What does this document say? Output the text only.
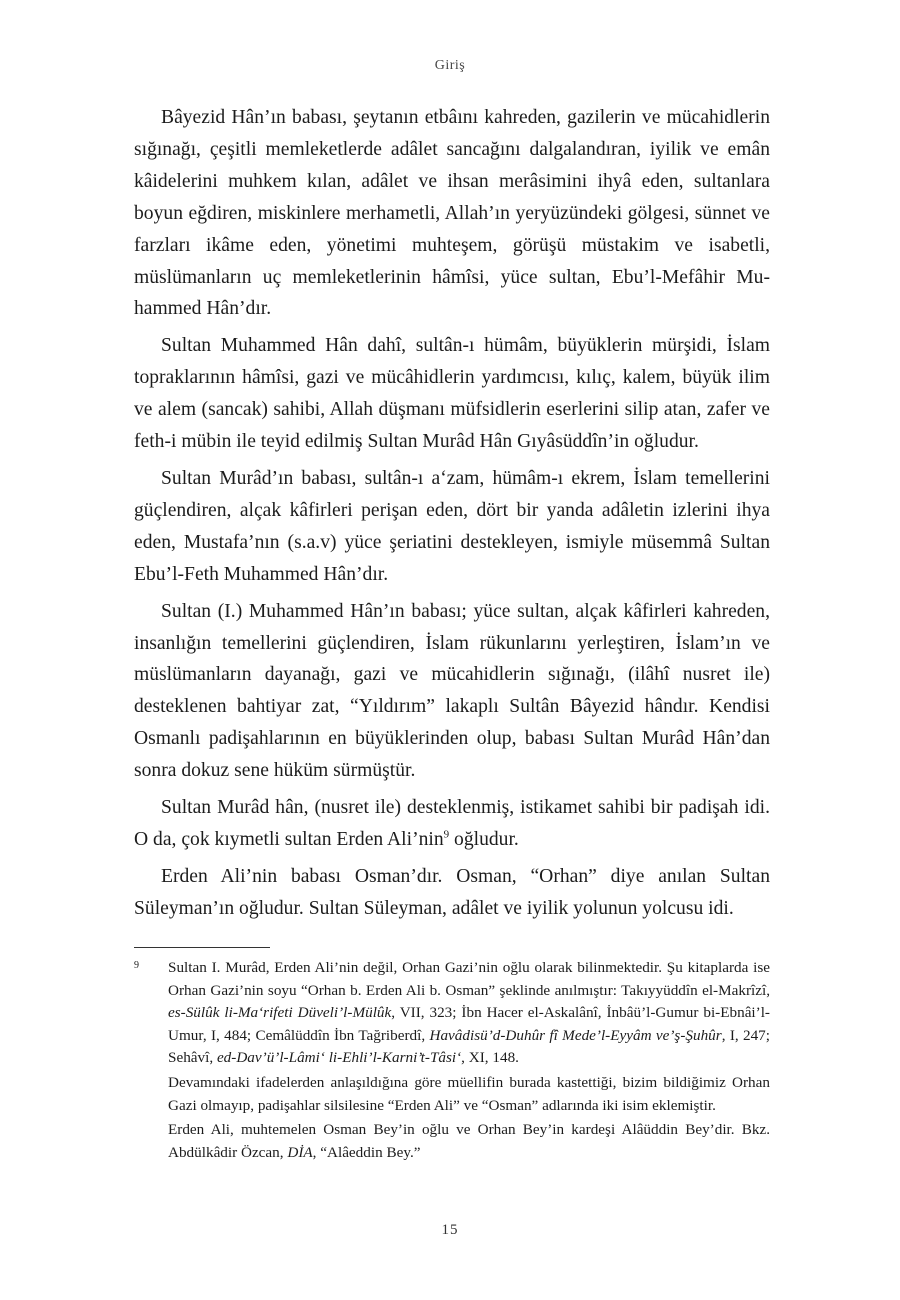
Giriş

Bâyezid Hân’ın babası, şeytanın etbâını kahreden, gazilerin ve mücahidlerin sığınağı, çeşitli memleketlerde adâlet sancağını dalgalandıran, iyilik ve emân kâidelerini muhkem kılan, adâlet ve ihsan merâsimini ihyâ eden, sultanlara boyun eğdiren, miskinlere merhametli, Allah’ın yeryüzündeki gölgesi, sünnet ve farzları ikâme eden, yönetimi muhteşem, görüşü müstakim ve isabetli, müslümanların uç memleketlerinin hâmîsi, yüce sultan, Ebu’l-Mefâhir Muhammed Hân’dır.

Sultan Muhammed Hân dahî, sultân-ı hümâm, büyüklerin mürşidi, İslam topraklarının hâmîsi, gazi ve mücâhidlerin yardımcısı, kılıç, kalem, büyük ilim ve alem (sancak) sahibi, Allah düşmanı müfsidlerin eserlerini silip atan, zafer ve feth-i mübin ile teyid edilmiş Sultan Murâd Hân Gıyâsüddîn’in oğludur.

Sultan Murâd’ın babası, sultân-ı a‘zam, hümâm-ı ekrem, İslam temellerini güçlendiren, alçak kâfirleri perişan eden, dört bir yanda adâletin izlerini ihya eden, Mustafa’nın (s.a.v) yüce şeriatini destekleyen, ismiyle müsemmâ Sultan Ebu’l-Feth Muhammed Hân’dır.

Sultan (I.) Muhammed Hân’ın babası; yüce sultan, alçak kâfirleri kahreden, insanlığın temellerini güçlendiren, İslam rükunlarını yerleştiren, İslam’ın ve müslümanların dayanağı, gazi ve mücahidlerin sığınağı, (ilâhî nusret ile) desteklenen bahtiyar zat, “Yıldırım” lakaplı Sultân Bâyezid hândır. Kendisi Osmanlı padişahlarının en büyüklerinden olup, babası Sultan Murâd Hân’dan sonra dokuz sene hüküm sürmüştür.

Sultan Murâd hân, (nusret ile) desteklenmiş, istikamet sahibi bir padişah idi. O da, çok kıymetli sultan Erden Ali’nin$^9$ oğludur.

Erden Ali’nin babası Osman’dır. Osman, “Orhan” diye anılan Sultan Süleyman’ın oğludur. Sultan Süleyman, adâlet ve iyilik yolunun yolcusu idi.

9 Sultan I. Murâd, Erden Ali’nin değil, Orhan Gazi’nin oğlu olarak bilinmektedir. Şu kitaplarda ise Orhan Gazi’nin soyu “Orhan b. Erden Ali b. Osman” şeklinde anılmıştır: Takıyyüddîn el-Makrîzî, es-Sülûk li-Ma‘rifeti Düveli’l-Mülûk, VII, 323; İbn Hacer el-Askalânî, İnbâü’l-Gumur bi-Ebnâi’l-Umur, I, 484; Cemâlüddîn İbn Tağriberdî, Havâdisü’d-Duhûr fî Mede’l-Eyyâm ve’ş-Şuhûr, I, 247; Sehâvî, ed-Dav’ü’l-Lâmi‘ li-Ehli’l-Karni’t-Tâsi‘, XI, 148.

Devamındaki ifadelerden anlaşıldığına göre müellifin burada kastettiği, bizim bildiğimiz Orhan Gazi olmayıp, padişahlar silsilesine “Erden Ali” ve “Osman” adlarında iki isim eklemiştir.

Erden Ali, muhtemelen Osman Bey’in oğlu ve Orhan Bey’in kardeşi Alâüddin Bey’dir. Bkz. Abdülkâdir Özcan, DİA, “Alâeddin Bey.”

15
